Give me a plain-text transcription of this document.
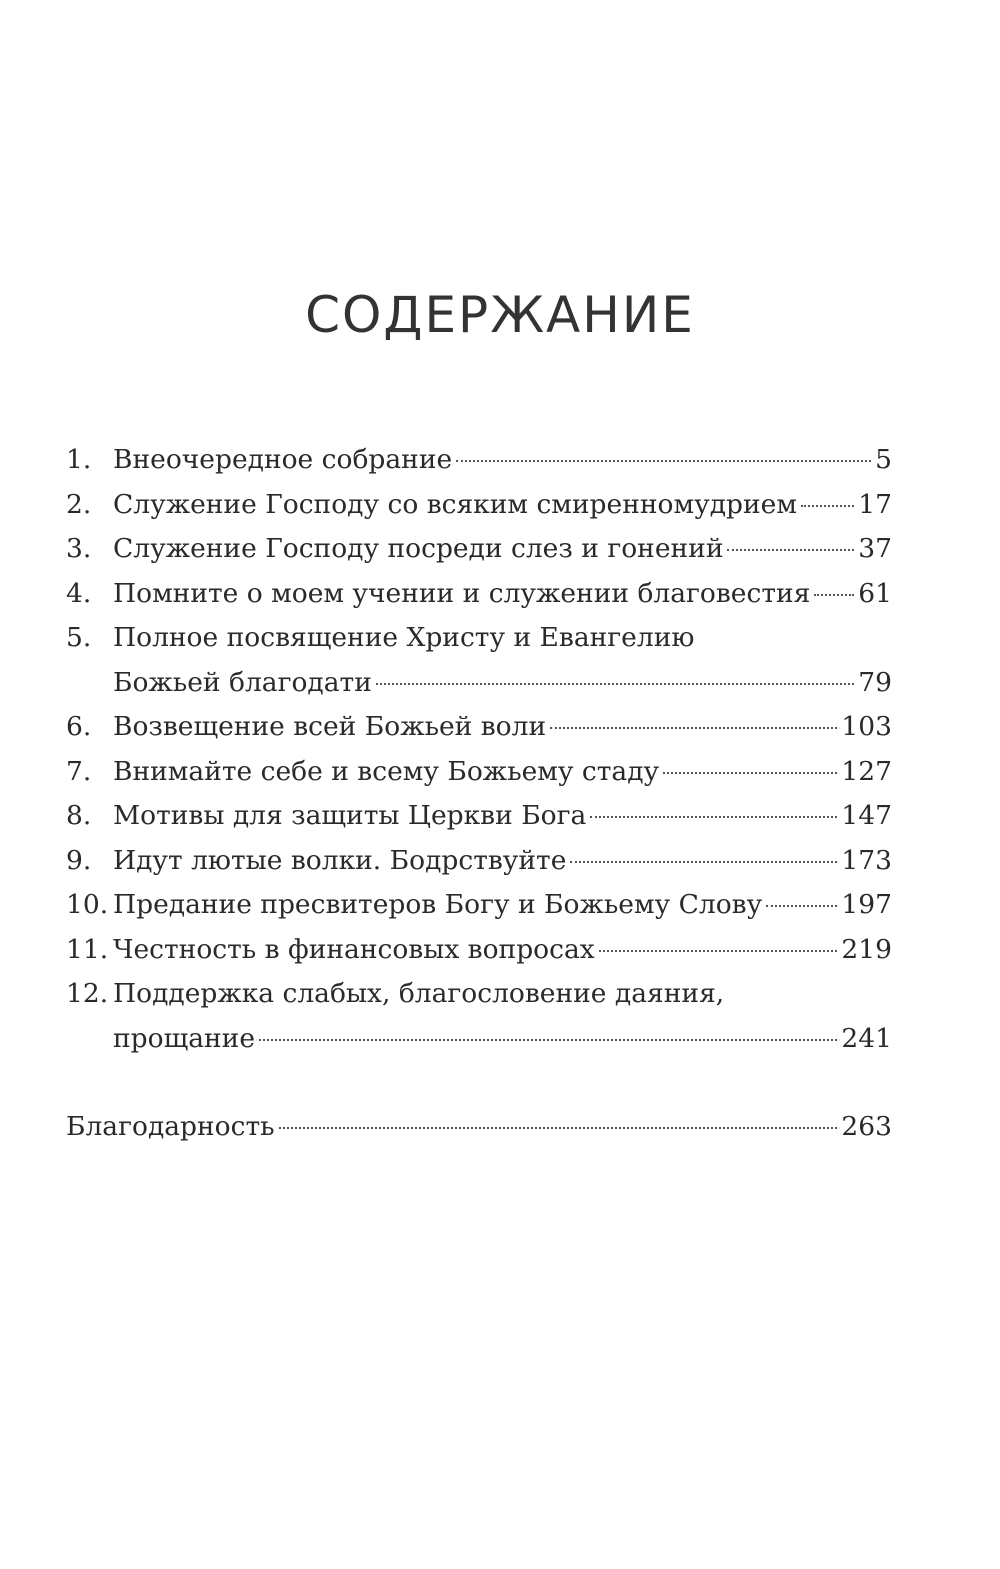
СОДЕРЖАНИЕ
1. Внеочередное собрание	5
2. Служение Господу со всяким смиренномудрием 17
3. Служение Господу посреди слез и гонений	37
4. Помните о моем учении и служении благовестия 61
5. Полное посвящение Христу и Евангелию
Божьей благодати	79
6. Возвещение всей Божьей воли	103
7. Внимайте себе и всему Божьему стаду	127
8. Мотивы для защиты Церкви Бога	147
9. Идут лютые волки. Бодрствуйте	173
10. Предание пресвитеров Богу и Божьему Слову	197
11. Честность в финансовых вопросах	219
12. Поддержка слабых, благословение даяния,
прощание	241
Благодарность	263
